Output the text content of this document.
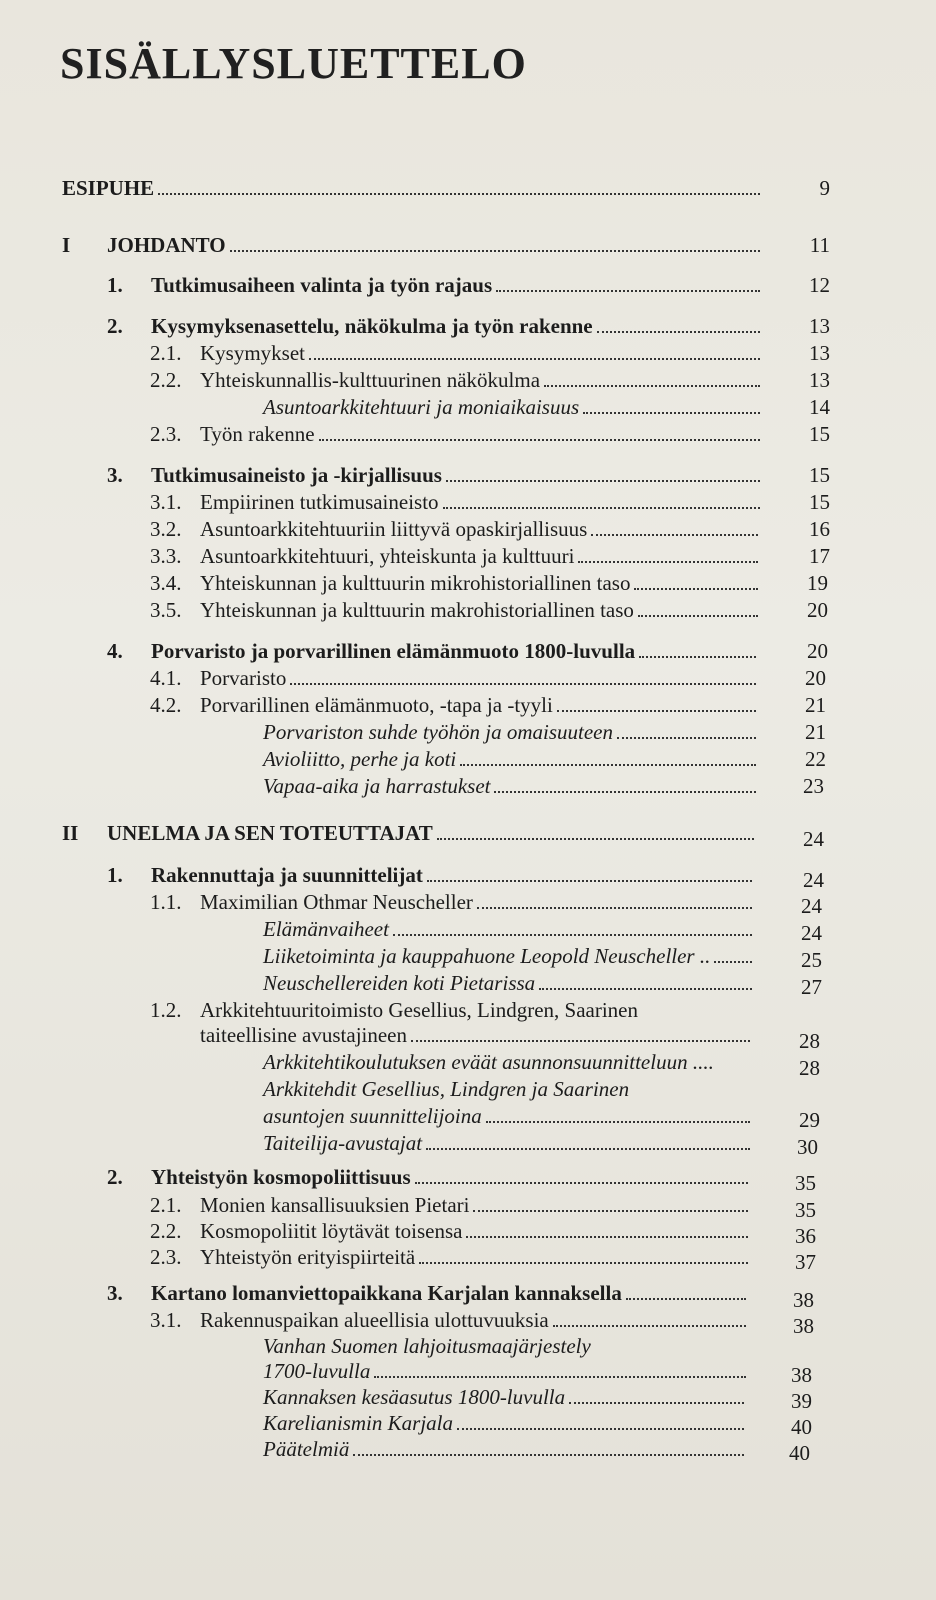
SISÄLLYSLUETTELO
ESIPUHE	9
I	JOHDANTO	11
1.	Tutkimusaiheen valinta ja työn rajaus	12
2.	Kysymyksenasettelu, näkökulma ja työn rakenne	13
2.1. Kysymykset	13
2.2. Yhteiskunnallis-kulttuurinen näkökulma	13
Asuntoarkkitehtuuri ja moniaikaisuus	14
2.3. Työn rakenne	15
3.	Tutkimusaineisto ja -kirjallisuus	15
3.1. Empiirinen tutkimusaineisto	15
3.2. Asuntoarkkitehtuuriin liittyvä opaskirjallisuus	16
3.3. Asuntoarkkitehtuuri, yhteiskunta ja kulttuuri	17
3.4. Yhteiskunnan ja kulttuurin mikrohistoriallinen taso	19
3.5. Yhteiskunnan ja kulttuurin makrohistoriallinen taso	20
4.	Porvaristo ja porvarillinen elämänmuoto 1800-luvulla	20
4.1. Porvaristo	20
4.2. Porvarillinen elämänmuoto, -tapa ja -tyyli	21
Porvariston suhde työhön ja omaisuuteen	21
Avioliitto, perhe ja koti	22
Vapaa-aika ja harrastukset	23
II	UNELMA JA SEN TOTEUTTAJAT	24
1.	Rakennuttaja ja suunnittelijat	24
1.1. Maximilian Othmar Neuscheller	24
Elämänvaiheet	24
Liiketoiminta ja kauppahuone Leopold Neuscheller ..	25
Neuschellereiden koti Pietarissa	27
1.2. Arkkitehtuuritoimisto Gesellius, Lindgren, Saarinen
taiteellisine avustajineen	28
Arkkitehtikoulutuksen eväät asunnonsuunnitteluun ....	28
Arkkitehdit Gesellius, Lindgren ja Saarinen
asuntojen suunnittelijoina	29
Taiteilija-avustajat	30
2.	Yhteistyön kosmopoliittisuus	35
2.1. Monien kansallisuuksien Pietari	35
2.2. Kosmopoliitit löytävät toisensa	36
2.3. Yhteistyön erityispiirteitä	37
3.	Kartano lomanviettopaikkana Karjalan kannaksella	38
3.1. Rakennuspaikan alueellisia ulottuvuuksia	38
Vanhan Suomen lahjoitusmaajärjestely
1700-luvulla	38
Kannaksen kesäasutus 1800-luvulla	39
Karelianismin Karjala	40
Päätelmiä	40
